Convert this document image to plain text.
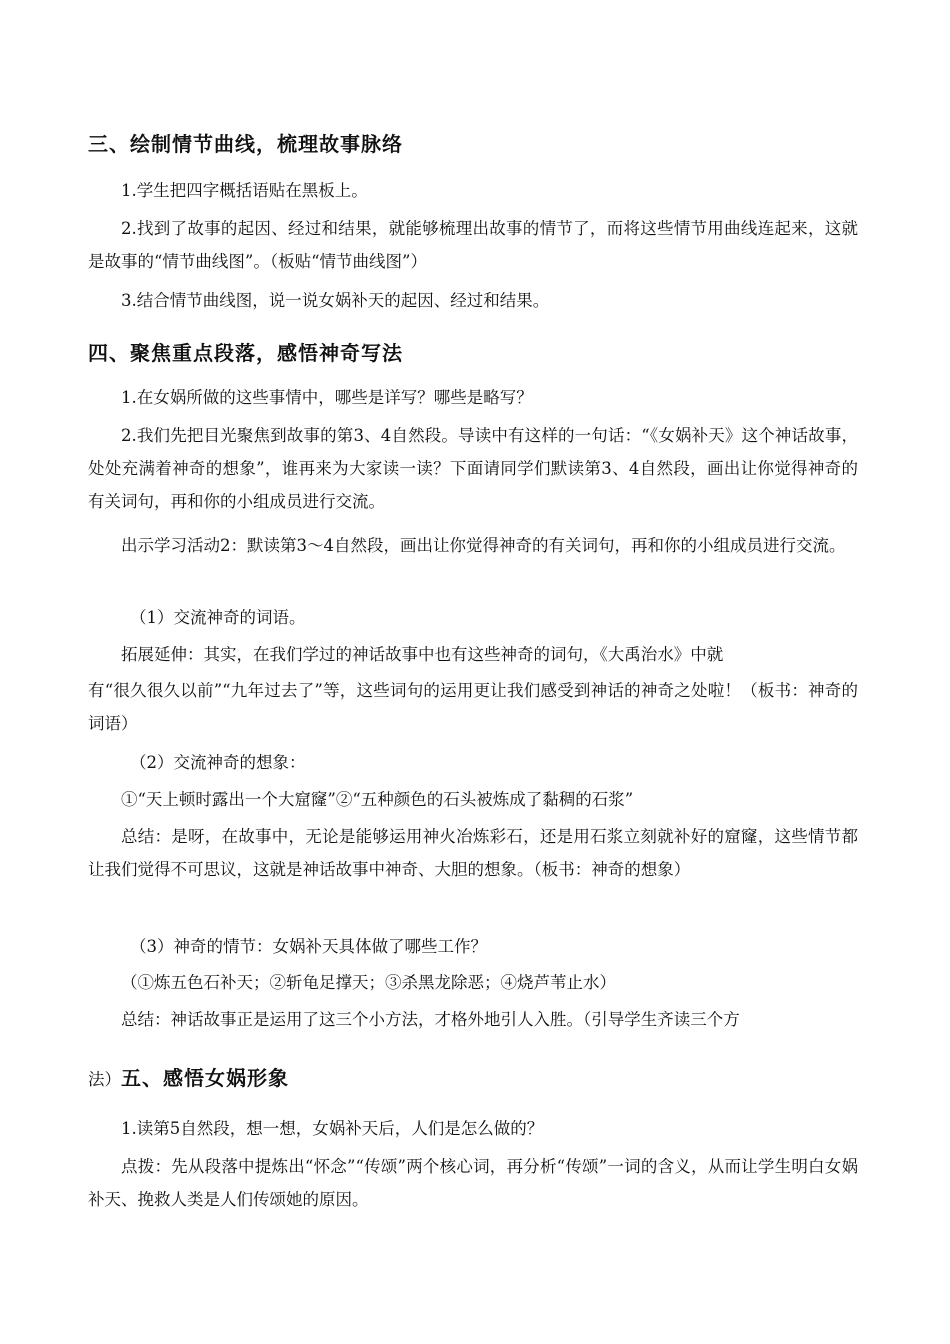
三、绘制情节曲线，梳理故事脉络
1.学生把四字概括语贴在黑板上。
2.找到了故事的起因、经过和结果，就能够梳理出故事的情节了，而将这些情节用曲线连起来，这就是故事的“情节曲线图”。（板贴“情节曲线图”）
3.结合情节曲线图，说一说女娲补天的起因、经过和结果。
四、聚焦重点段落，感悟神奇写法
1.在女娲所做的这些事情中，哪些是详写？哪些是略写？
2.我们先把目光聚焦到故事的第3、4自然段。导读中有这样的一句话：“《女娲补天》这个神话故事，处处充满着神奇的想象”，谁再来为大家读一读？下面请同学们默读第3、4自然段，画出让你觉得神奇的有关词句，再和你的小组成员进行交流。
出示学习活动2：默读第3～4自然段，画出让你觉得神奇的有关词句，再和你的小组成员进行交流。
（1）交流神奇的词语。
拓展延伸：其实，在我们学过的神话故事中也有这些神奇的词句，《大禹治水》中就
有“很久很久以前”“九年过去了”等，这些词句的运用更让我们感受到神话的神奇之处啦！（板书：神奇的词语）
（2）交流神奇的想象：
①“天上顿时露出一个大窟窿”②“五种颜色的石头被炼成了黏稠的石浆”
总结：是呀，在故事中，无论是能够运用神火冶炼彩石，还是用石浆立刻就补好的窟窿，这些情节都让我们觉得不可思议，这就是神话故事中神奇、大胆的想象。（板书：神奇的想象）
（3）神奇的情节：女娲补天具体做了哪些工作？
（①炼五色石补天；②斩龟足撑天；③杀黑龙除恶；④烧芦苇止水）
总结：神话故事正是运用了这三个小方法，才格外地引人入胜。（引导学生齐读三个方
法）五、感悟女娲形象
1.读第5自然段，想一想，女娲补天后，人们是怎么做的？
点拨：先从段落中提炼出“怀念”“传颂”两个核心词，再分析“传颂”一词的含义，从而让学生明白女娲补天、挽救人类是人们传颂她的原因。
